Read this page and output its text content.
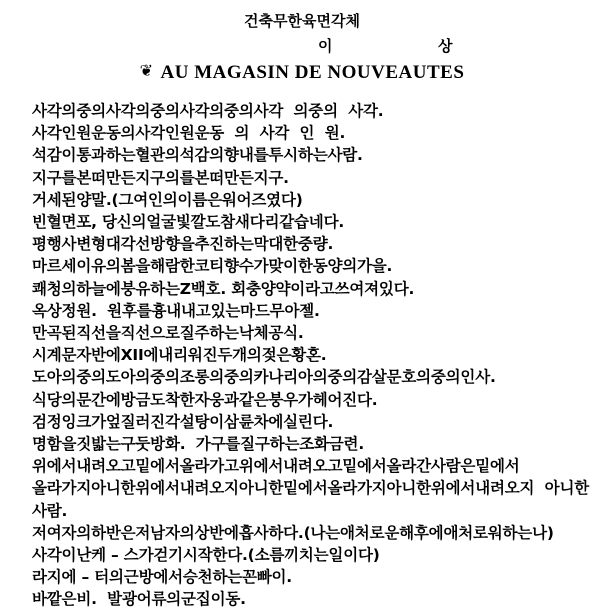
건축무한육면각체
이	상
❦ AU MAGASIN DE NOUVEAUTES
사각의중의사각의중의사각의중의사각  의중의  사각.
사각인원운동의사각인원운동  의  사각  인  원.
석감이통과하는혈관의석감의향내를투시하는사람.
지구를본떠만든지구의를본떠만든지구.
거세된양말.(그여인의이름은워어즈였다)
빈혈면포, 당신의얼굴빛깔도참새다리같습네다.
평행사변형대각선방향을추진하는막대한중량.
마르세이유의봄을해람한코티향수가맞이한동양의가을.
쾌청의하늘에붕유하는Z백호. 회충양약이라고쓰여져있다.
옥상정원.  원후를흉내내고있는마드무아젤.
만곡된직선을직선으로질주하는낙체공식.
시계문자반에XII에내리워진두개의젖은황혼.
도아의중의도아의중의조롱의중의카나리아의중의감살문호의중의인사.
식당의문간에방금도착한자웅과같은붕우가헤어진다.
검정잉크가엎질러진각설탕이삼륜차에실린다.
명함을짓밟는구둣방화.  가구를질구하는조화금련.
위에서내려오고밑에서올라가고위에서내려오고밑에서올라간사람은밑에서
올라가지아니한위에서내려오지아니한밑에서올라가지아니한위에서내려오지  아니한사람.
저여자의하반은저남자의상반에흡사하다.(나는애처로운해후에애처로워하는나)
사각이난케 – 스가걷기시작한다.(소름끼치는일이다)
라지에 – 터의근방에서승천하는꼰빠이.
바깥은비.  발광어류의군집이동.
